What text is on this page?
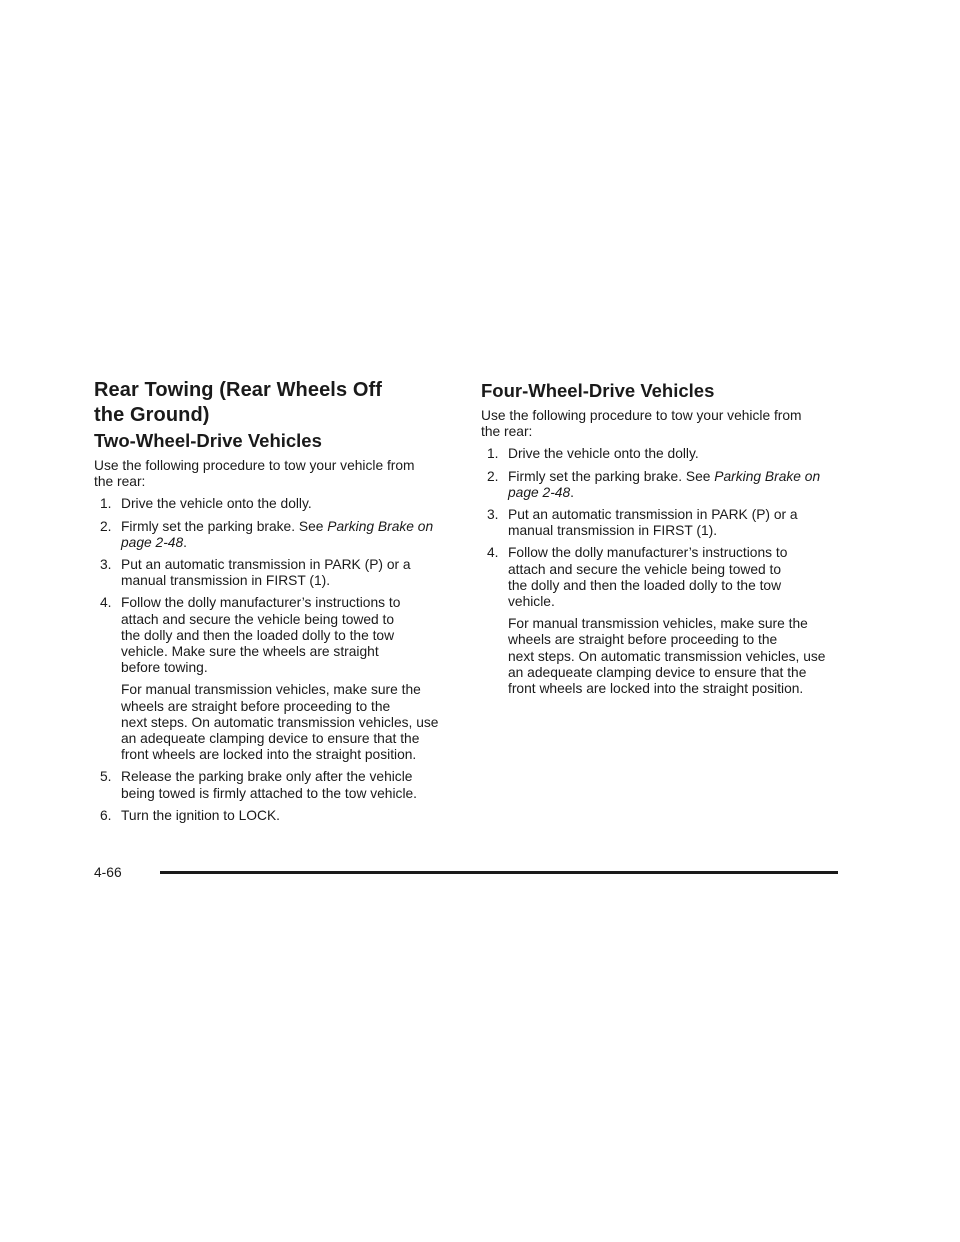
Rear Towing (Rear Wheels Off
the Ground)
Two-Wheel-Drive Vehicles

Use the following procedure to tow your vehicle from
the rear:

1. Drive the vehicle onto the dolly.
2. Firmly set the parking brake. See Parking Brake on
page 2-48.
3. Put an automatic transmission in PARK (P) or a
manual transmission in FIRST (1).
4. Follow the dolly manufacturer’s instructions to
attach and secure the vehicle being towed to
the dolly and then the loaded dolly to the tow
vehicle. Make sure the wheels are straight
before towing.
For manual transmission vehicles, make sure the
wheels are straight before proceeding to the
next steps. On automatic transmission vehicles, use
an adequeate clamping device to ensure that the
front wheels are locked into the straight position.
5. Release the parking brake only after the vehicle
being towed is firmly attached to the tow vehicle.
6. Turn the ignition to LOCK.
Four-Wheel-Drive Vehicles

Use the following procedure to tow your vehicle from
the rear:

1. Drive the vehicle onto the dolly.
2. Firmly set the parking brake. See Parking Brake on
page 2-48.
3. Put an automatic transmission in PARK (P) or a
manual transmission in FIRST (1).
4. Follow the dolly manufacturer’s instructions to
attach and secure the vehicle being towed to
the dolly and then the loaded dolly to the tow
vehicle.
For manual transmission vehicles, make sure the
wheels are straight before proceeding to the
next steps. On automatic transmission vehicles, use
an adequeate clamping device to ensure that the
front wheels are locked into the straight position.
4-66
